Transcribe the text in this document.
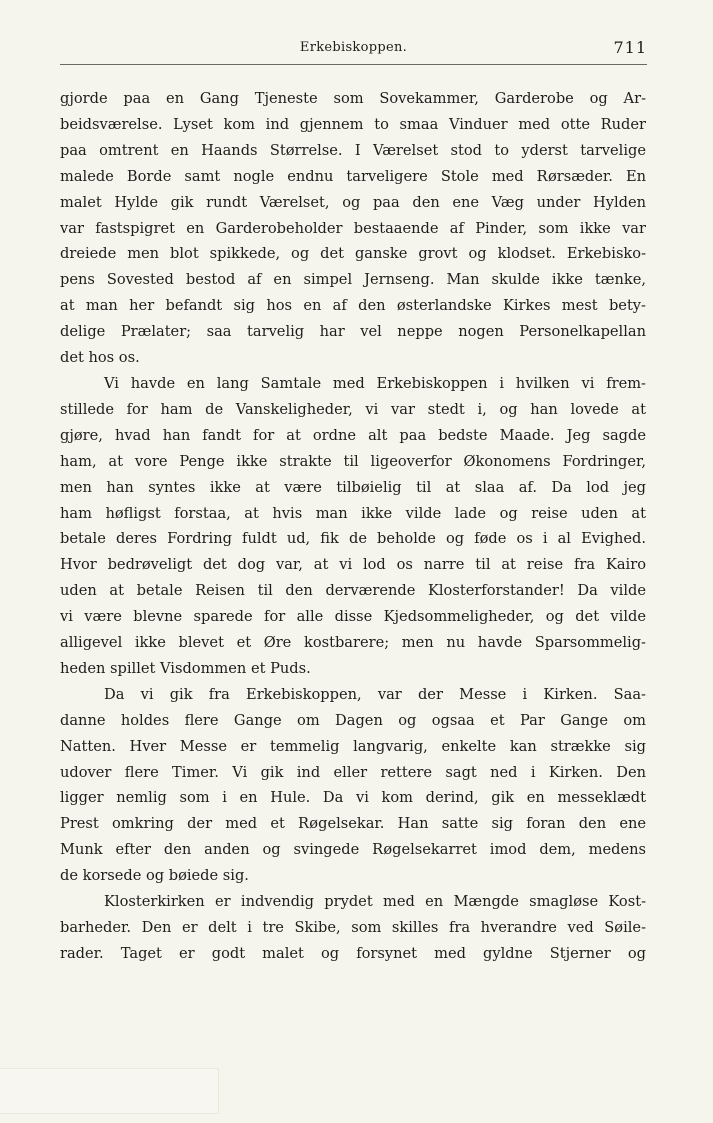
Erkebiskoppen.	711
gjorde paa en Gang Tjeneste som Sovekammer, Garderobe og Ar-
beidsværelse. Lyset kom ind gjennem to smaa Vinduer med otte Ruder
paa omtrent en Haands Størrelse. I Værelset stod to yderst tarvelige
malede Borde samt nogle endnu tarveligere Stole med Rørsæder. En
malet Hylde gik rundt Værelset, og paa den ene Væg under Hylden
var fastspigret en Garderobeholder bestaaende af Pinder, som ikke var
dreiede men blot spikkede, og det ganske grovt og klodset. Erkebisko-
pens Sovested bestod af en simpel Jernseng. Man skulde ikke tænke,
at man her befandt sig hos en af den østerlandske Kirkes mest bety-
delige Prælater; saa tarvelig har vel neppe nogen Personelkapellan
det hos os.
Vi havde en lang Samtale med Erkebiskoppen i hvilken vi frem-
stillede for ham de Vanskeligheder, vi var stedt i, og han lovede at
gjøre, hvad han fandt for at ordne alt paa bedste Maade. Jeg sagde
ham, at vore Penge ikke strakte til ligeoverfor Økonomens Fordringer,
men han syntes ikke at være tilbøielig til at slaa af. Da lod jeg
ham høfligst forstaa, at hvis man ikke vilde lade og reise uden at
betale deres Fordring fuldt ud, fik de beholde og føde os i al Evighed.
Hvor bedrøveligt det dog var, at vi lod os narre til at reise fra Kairo
uden at betale Reisen til den derværende Klosterforstander! Da vilde
vi være blevne sparede for alle disse Kjedsommeligheder, og det vilde
alligevel ikke blevet et Øre kostbarere; men nu havde Sparsommelig-
heden spillet Visdommen et Puds.
Da vi gik fra Erkebiskoppen, var der Messe i Kirken. Saa-
danne holdes flere Gange om Dagen og ogsaa et Par Gange om
Natten. Hver Messe er temmelig langvarig, enkelte kan strække sig
udover flere Timer. Vi gik ind eller rettere sagt ned i Kirken. Den
ligger nemlig som i en Hule. Da vi kom derind, gik en messeklædt
Prest omkring der med et Røgelsekar. Han satte sig foran den ene
Munk efter den anden og svingede Røgelsekarret imod dem, medens
de korsede og bøiede sig.
Klosterkirken er indvendig prydet med en Mængde smagløse Kost-
barheder. Den er delt i tre Skibe, som skilles fra hverandre ved Søile-
rader. Taget er godt malet og forsynet med gyldne Stjerner og
